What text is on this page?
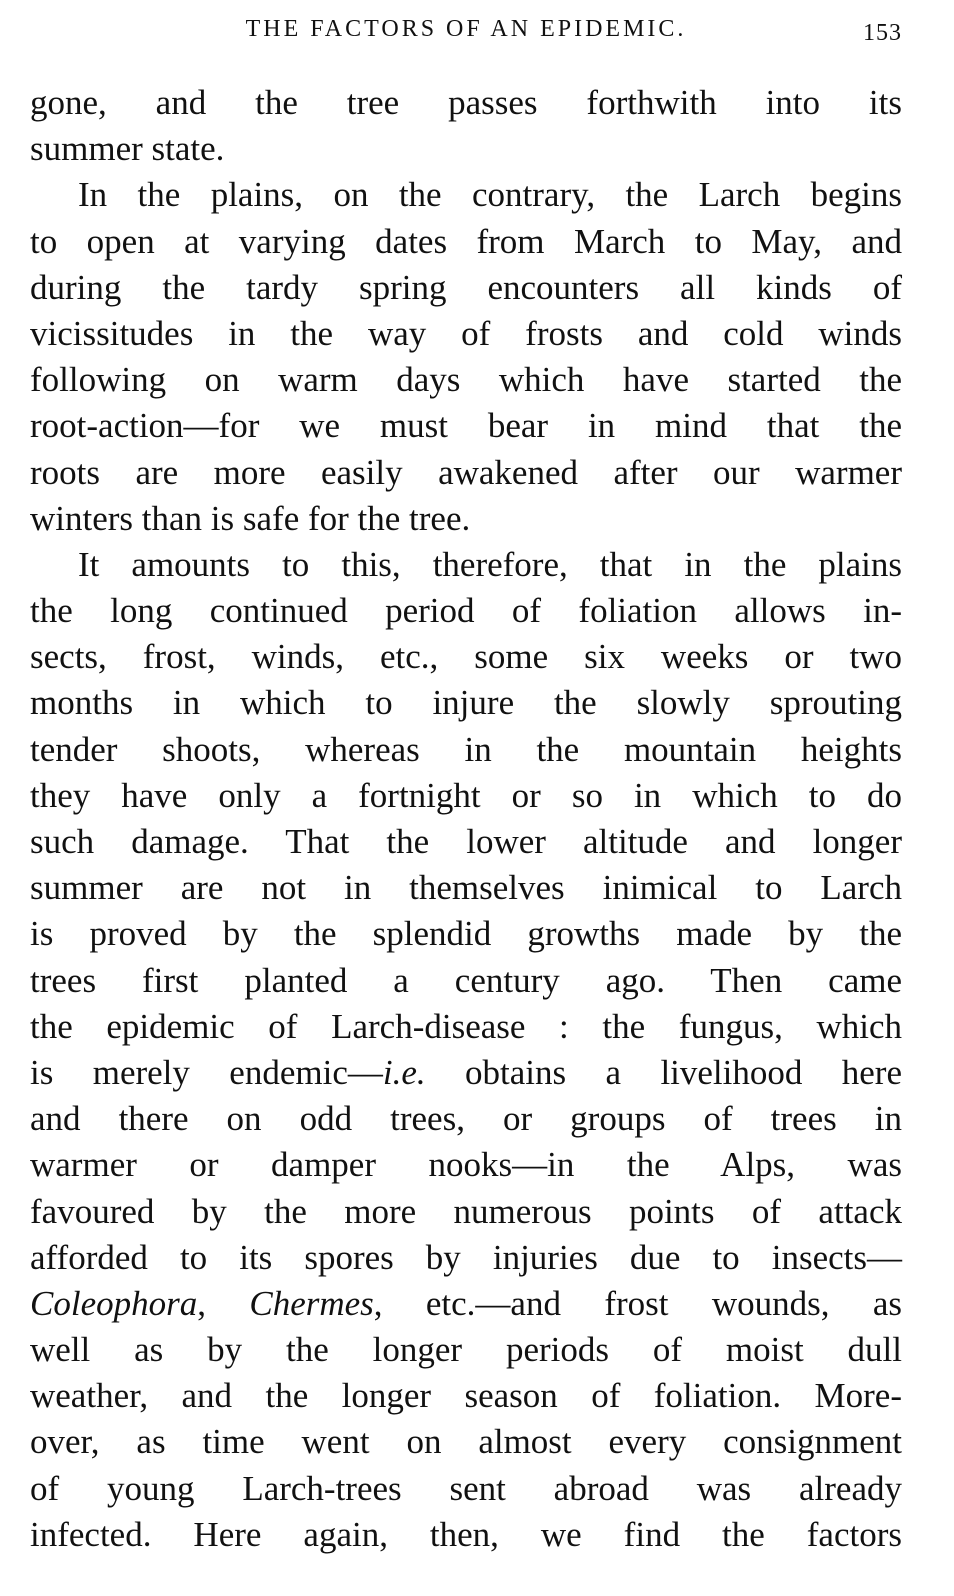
THE FACTORS OF AN EPIDEMIC.	153
gone, and the tree passes forthwith into its
summer state.
In the plains, on the contrary, the Larch begins
to open at varying dates from March to May, and
during the tardy spring encounters all kinds of
vicissitudes in the way of frosts and cold winds
following on warm days which have started the
root-action—for we must bear in mind that the
roots are more easily awakened after our warmer
winters than is safe for the tree.
It amounts to this, therefore, that in the plains
the long continued period of foliation allows in-
sects, frost, winds, etc., some six weeks or two
months in which to injure the slowly sprouting
tender shoots, whereas in the mountain heights
they have only a fortnight or so in which to do
such damage. That the lower altitude and longer
summer are not in themselves inimical to Larch
is proved by the splendid growths made by the
trees first planted a century ago. Then came
the epidemic of Larch-disease : the fungus, which
is merely endemic—i.e. obtains a livelihood here
and there on odd trees, or groups of trees in
warmer or damper nooks—in the Alps, was
favoured by the more numerous points of attack
afforded to its spores by injuries due to insects—
Coleophora, Chermes, etc.—and frost wounds, as
well as by the longer periods of moist dull
weather, and the longer season of foliation. More-
over, as time went on almost every consignment
of young Larch-trees sent abroad was already
infected. Here again, then, we find the factors
